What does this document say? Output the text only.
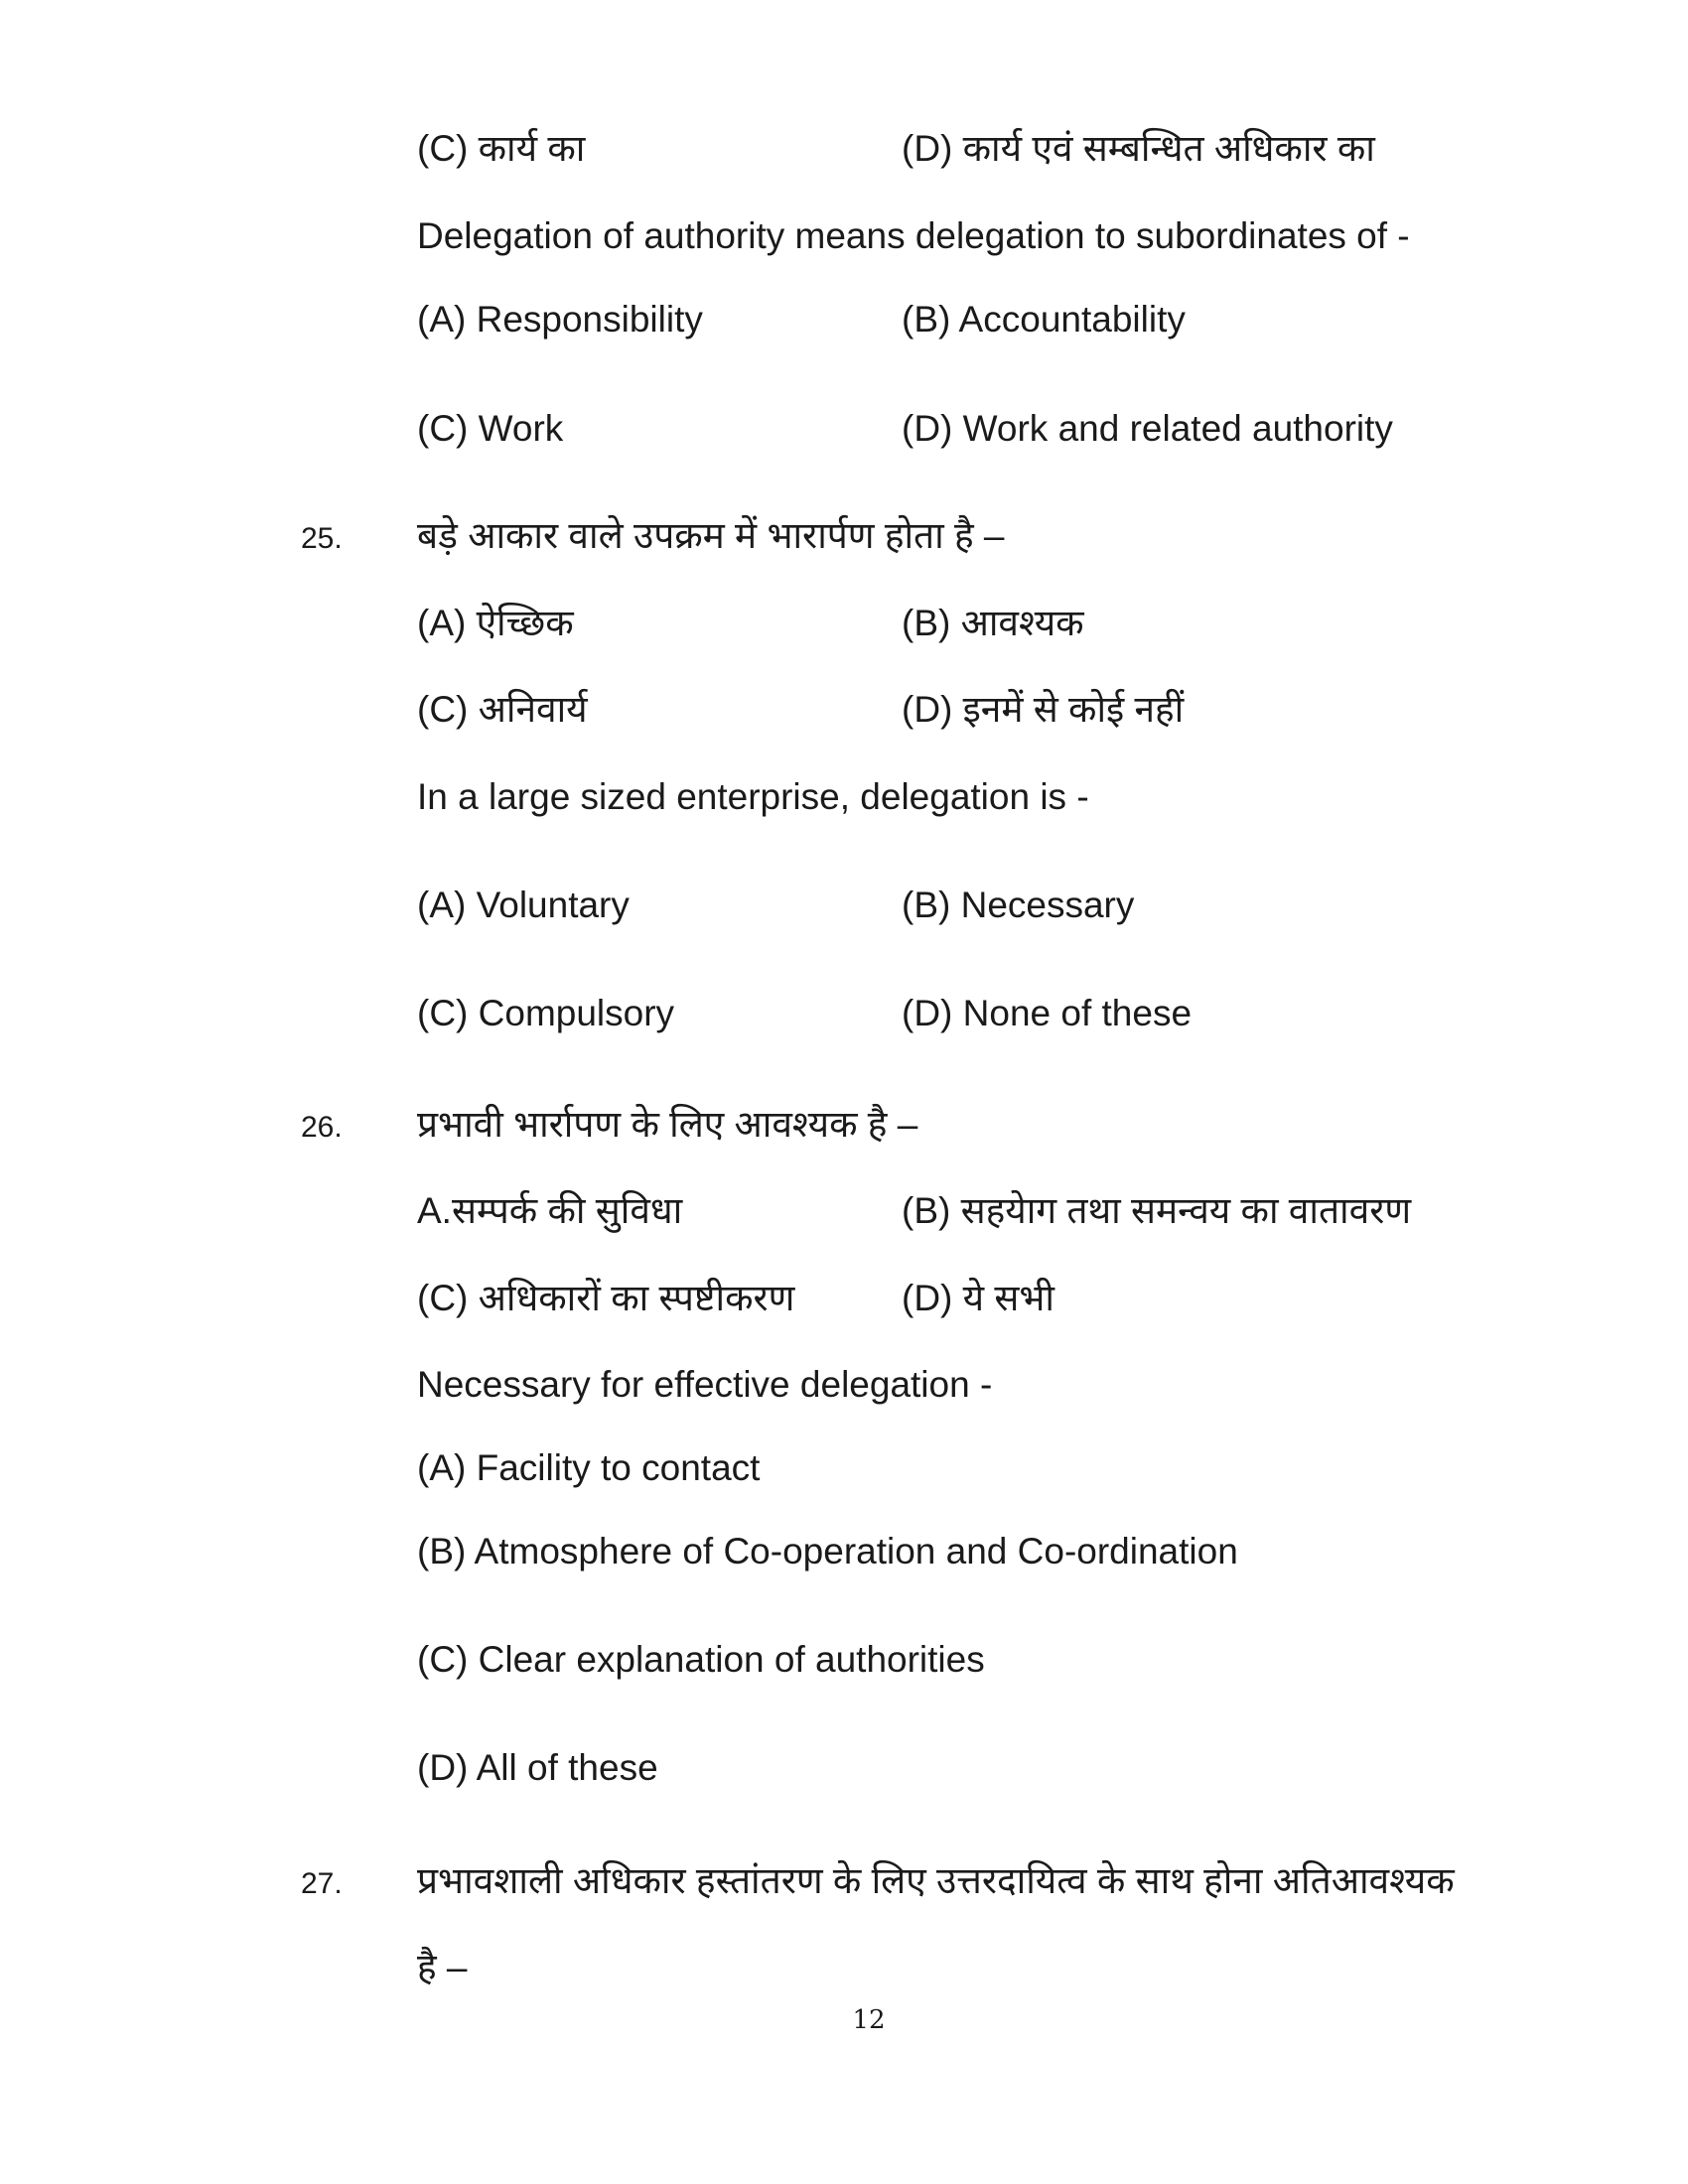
(C) कार्य का	(D) कार्य एवं सम्बन्धित अधिकार का
Delegation of authority means delegation to subordinates of -
(A) Responsibility	(B) Accountability
(C) Work	(D) Work and related authority
25. बड़े आकार वाले उपक्रम में भारार्पण होता है –
(A) ऐच्छिक	(B) आवश्यक
(C) अनिवार्य	(D) इनमें से कोई नहीं
In a large sized enterprise, delegation is -
(A) Voluntary	(B) Necessary
(C) Compulsory	(D) None of these
26. प्रभावी भार्रापण के लिए आवश्यक है –
A.सम्पर्क की सुविधा	(B) सहयेाग तथा समन्वय का वातावरण
(C) अधिकारों का स्पष्टीकरण	(D) ये सभी
Necessary for effective delegation -
(A) Facility to contact
(B) Atmosphere of Co-operation and Co-ordination
(C) Clear explanation of authorities
(D) All of these
27. प्रभावशाली अधिकार हस्तांतरण के लिए उत्तरदायित्व के साथ होना अतिआवश्यक
है –
12
